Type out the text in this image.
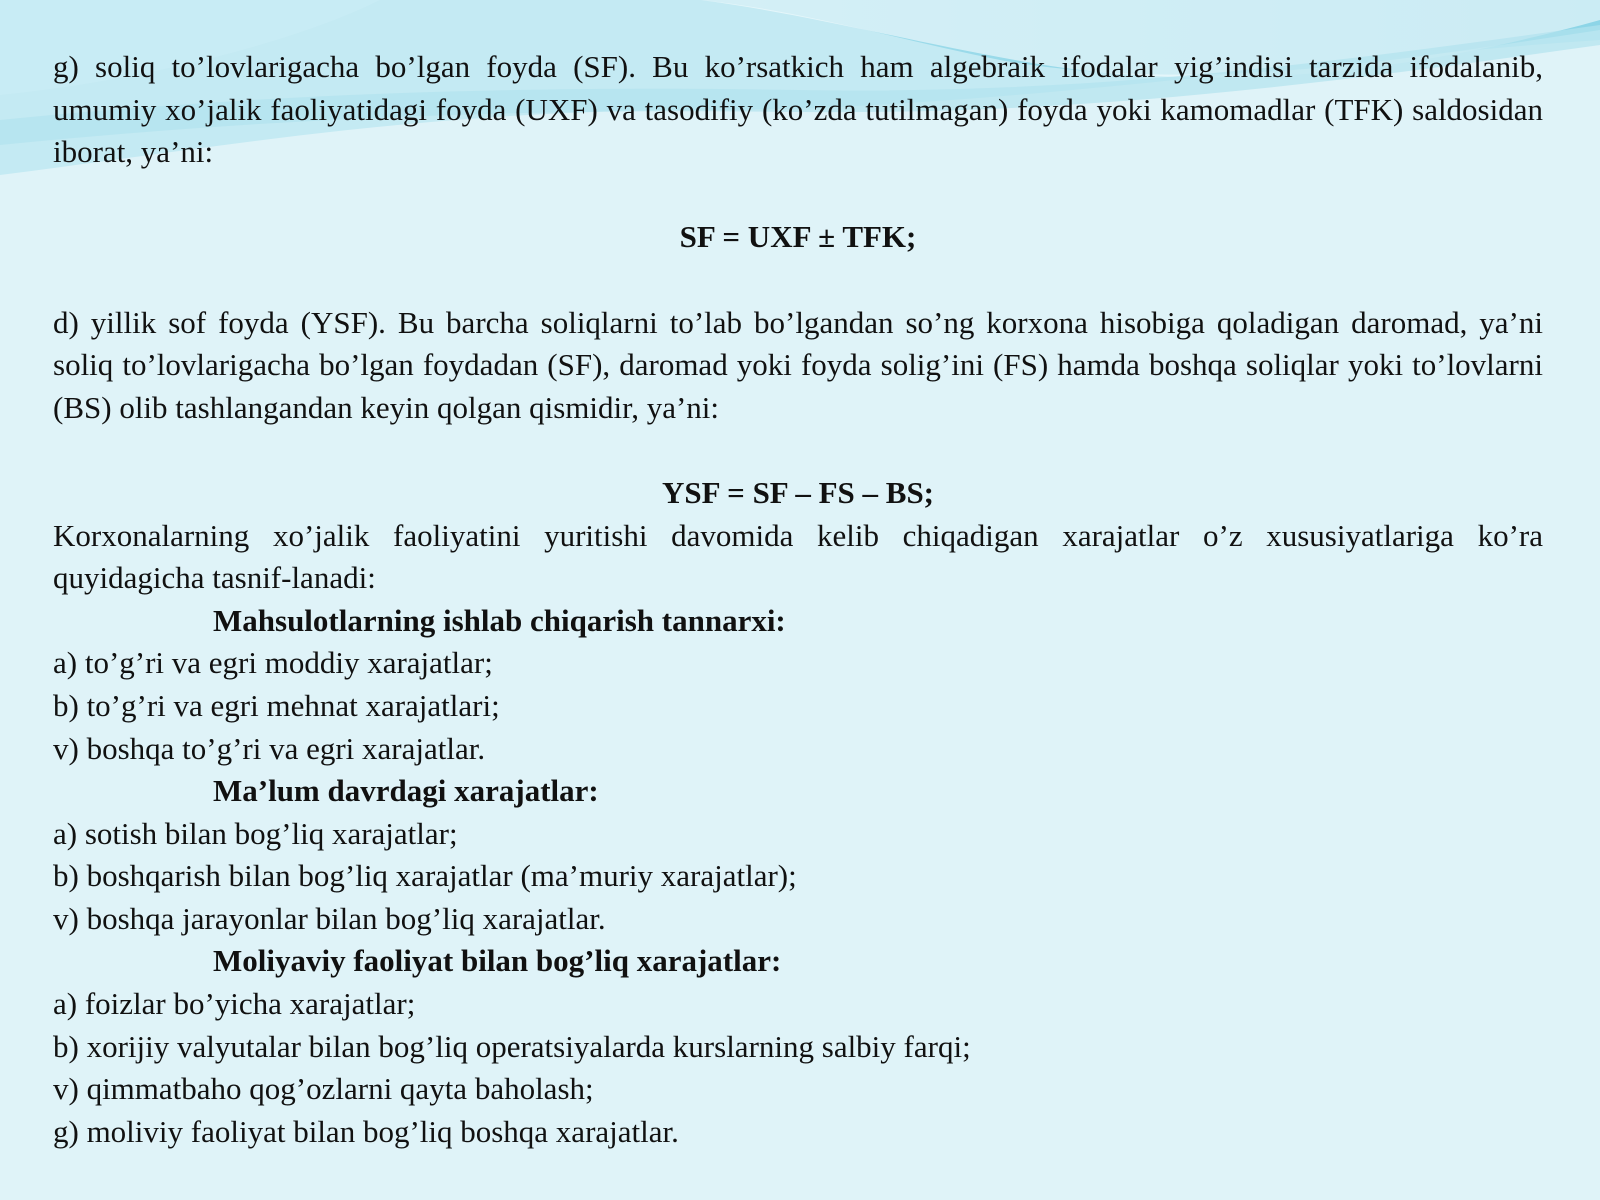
g) soliq to’lovlarigacha bo’lgan foyda (SF). Bu ko’rsatkich ham algebraik ifodalar yig’indisi tarzida ifodalanib, umumiy xo’jalik faoliyatidagi foyda (UXF) va tasodifiy (ko’zda tutilmagan) foyda yoki kamomadlar (TFK) saldosidan iborat, ya’ni:

SF = UXF ± TFK;

d) yillik sof foyda (YSF). Bu barcha soliqlarni to’lab bo’lgandan so’ng korxona hisobiga qoladigan daromad, ya’ni soliq to’lovlarigacha bo’lgan foydadan (SF), daromad yoki foyda solig’ini (FS) hamda boshqa soliqlar yoki to’lovlarni (BS) olib tashlangandan keyin qolgan qismidir, ya’ni:

YSF = SF – FS – BS;

Korxonalarning xo’jalik faoliyatini yuritishi davomida kelib chiqadigan xarajatlar o’z xususiyatlariga ko’ra quyidagicha tasnif-lanadi:

Mahsulotlarning ishlab chiqarish tannarxi:

a) to’g’ri va egri moddiy xarajatlar;

b) to’g’ri va egri mehnat xarajatlari;

v) boshqa to’g’ri va egri xarajatlar.

Ma’lum davrdagi xarajatlar:

a) sotish bilan bog’liq xarajatlar;

b) boshqarish bilan bog’liq xarajatlar (ma’muriy xarajatlar);

v) boshqa jarayonlar bilan bog’liq xarajatlar.

Moliyaviy faoliyat bilan bog’liq xarajatlar:

a) foizlar bo’yicha xarajatlar;

b) xorijiy valyutalar bilan bog’liq operatsiyalarda kurslarning salbiy farqi;

v) qimmatbaho qog’ozlarni qayta baholash;

g) moliviy faoliyat bilan bog’liq boshqa xarajatlar.
